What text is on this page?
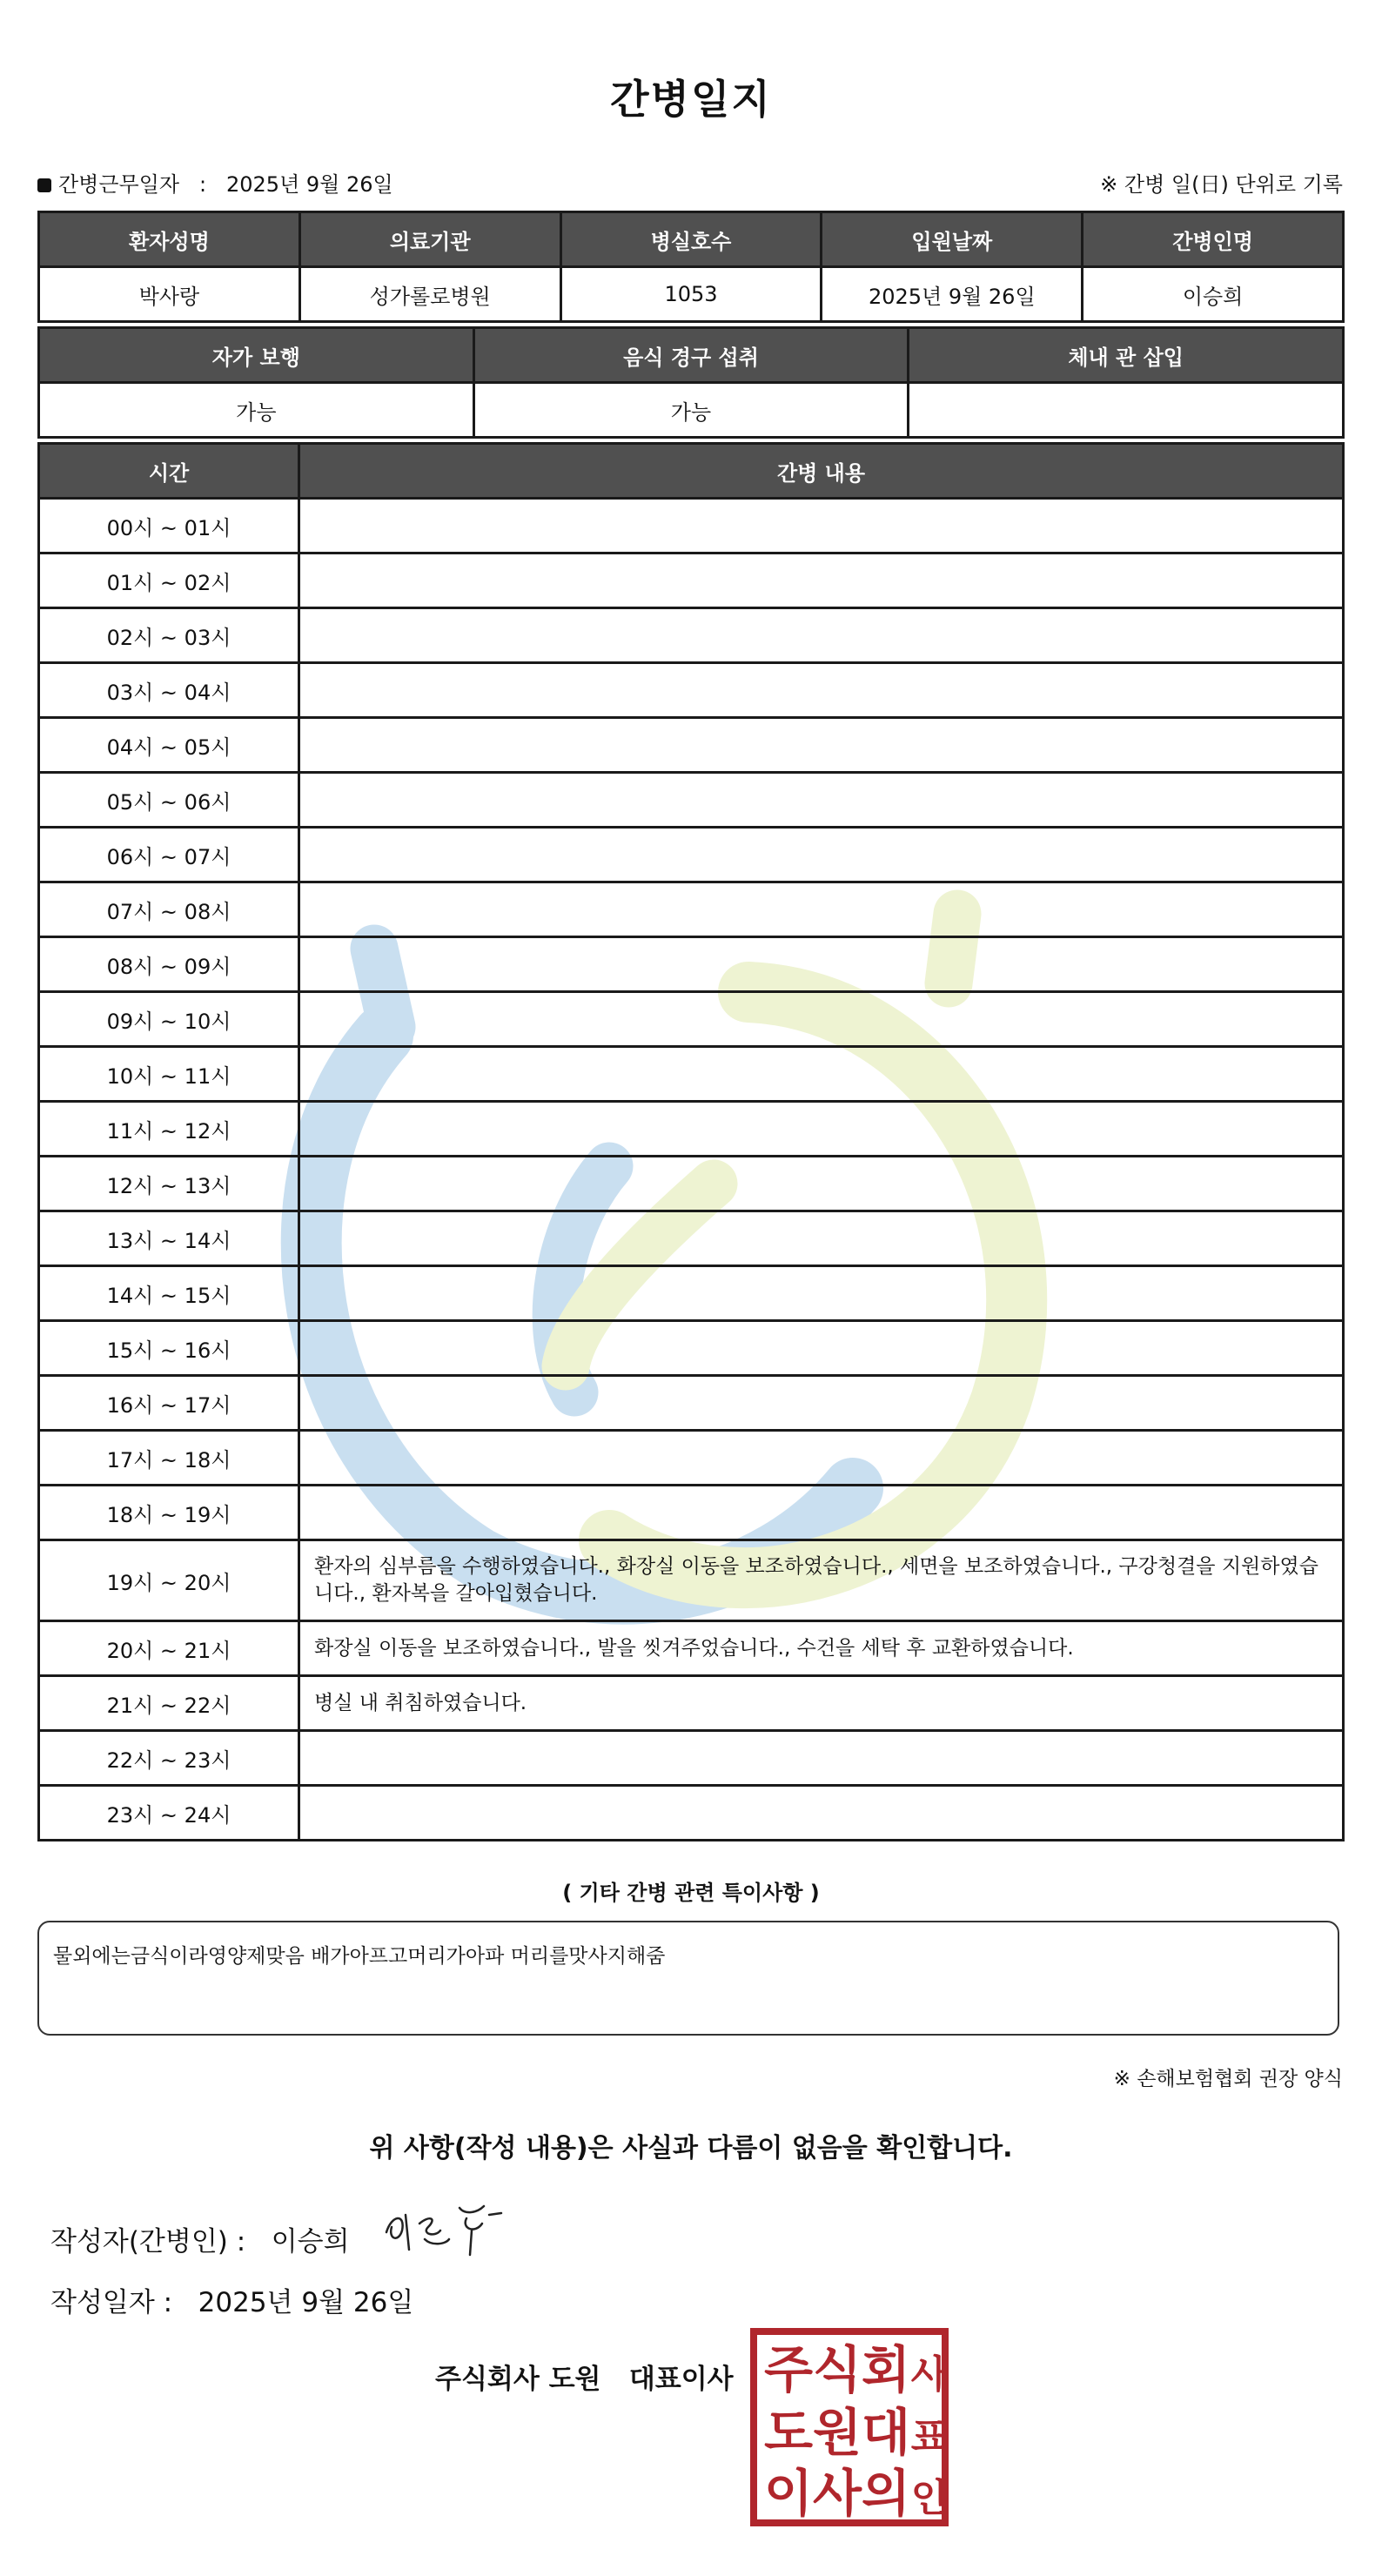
간병일지
간병근무일자 : 2025년 9월 26일	※ 간병 일(日) 단위로 기록
환자성명	의료기관	병실호수	입원날짜	간병인명
박사랑	성가롤로병원	1053	2025년 9월 26일	이승희
자가 보행	음식 경구 섭취	체내 관 삽입
가능	가능	
시간	간병 내용
00시 ~ 01시	
01시 ~ 02시	
02시 ~ 03시	
03시 ~ 04시	
04시 ~ 05시	
05시 ~ 06시	
06시 ~ 07시	
07시 ~ 08시	
08시 ~ 09시	
09시 ~ 10시	
10시 ~ 11시	
11시 ~ 12시	
12시 ~ 13시	
13시 ~ 14시	
14시 ~ 15시	
15시 ~ 16시	
16시 ~ 17시	
17시 ~ 18시	
18시 ~ 19시	
19시 ~ 20시	환자의 심부름을 수행하였습니다., 화장실 이동을 보조하였습니다., 세면을 보조하였습니다., 구강청결을 지원하였습니다., 환자복을 갈아입혔습니다.
20시 ~ 21시	화장실 이동을 보조하였습니다., 발을 씻겨주었습니다., 수건을 세탁 후 교환하였습니다.
21시 ~ 22시	병실 내 취침하였습니다.
22시 ~ 23시	
23시 ~ 24시	
( 기타 간병 관련 특이사항 )
물외에는금식이라영양제맞음 배가아프고머리가아파 머리를맛사지해줌
※ 손해보험협회 권장 양식
위 사항(작성 내용)은 사실과 다름이 없음을 확인합니다.
작성자(간병인) : 이승희
작성일자 : 2025년 9월 26일
주식회사 도원   대표이사 주 식 회 사
도 원 대 표
이 사 의 인
